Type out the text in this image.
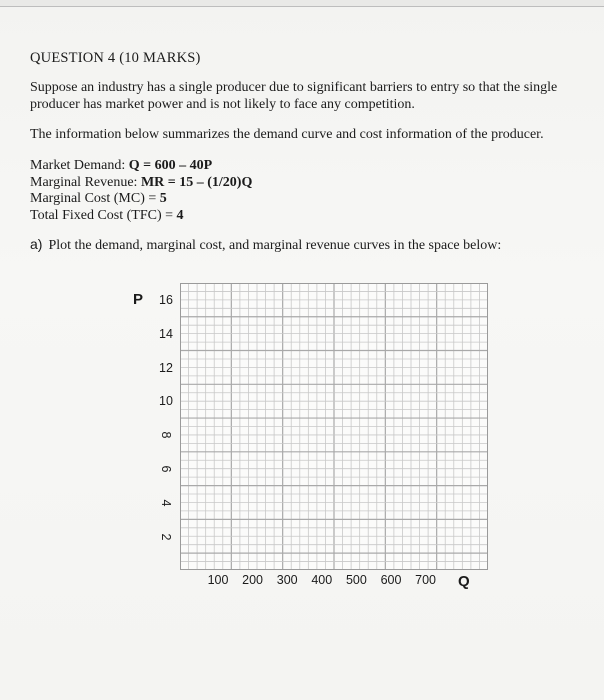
QUESTION 4 (10 MARKS)
Suppose an industry has a single producer due to significant barriers to entry so that the single producer has market power and is not likely to face any competition.
The information below summarizes the demand curve and cost information of the producer.
Market Demand: Q = 600 – 40P
Marginal Revenue: MR = 15 – (1/20)Q
Marginal Cost (MC) = 5
Total Fixed Cost (TFC) = 4
a) Plot the demand, marginal cost, and marginal revenue curves in the space below:
P
Q
16
14
12
10
8
6
4
2
100	200	300	400	500	600	700
